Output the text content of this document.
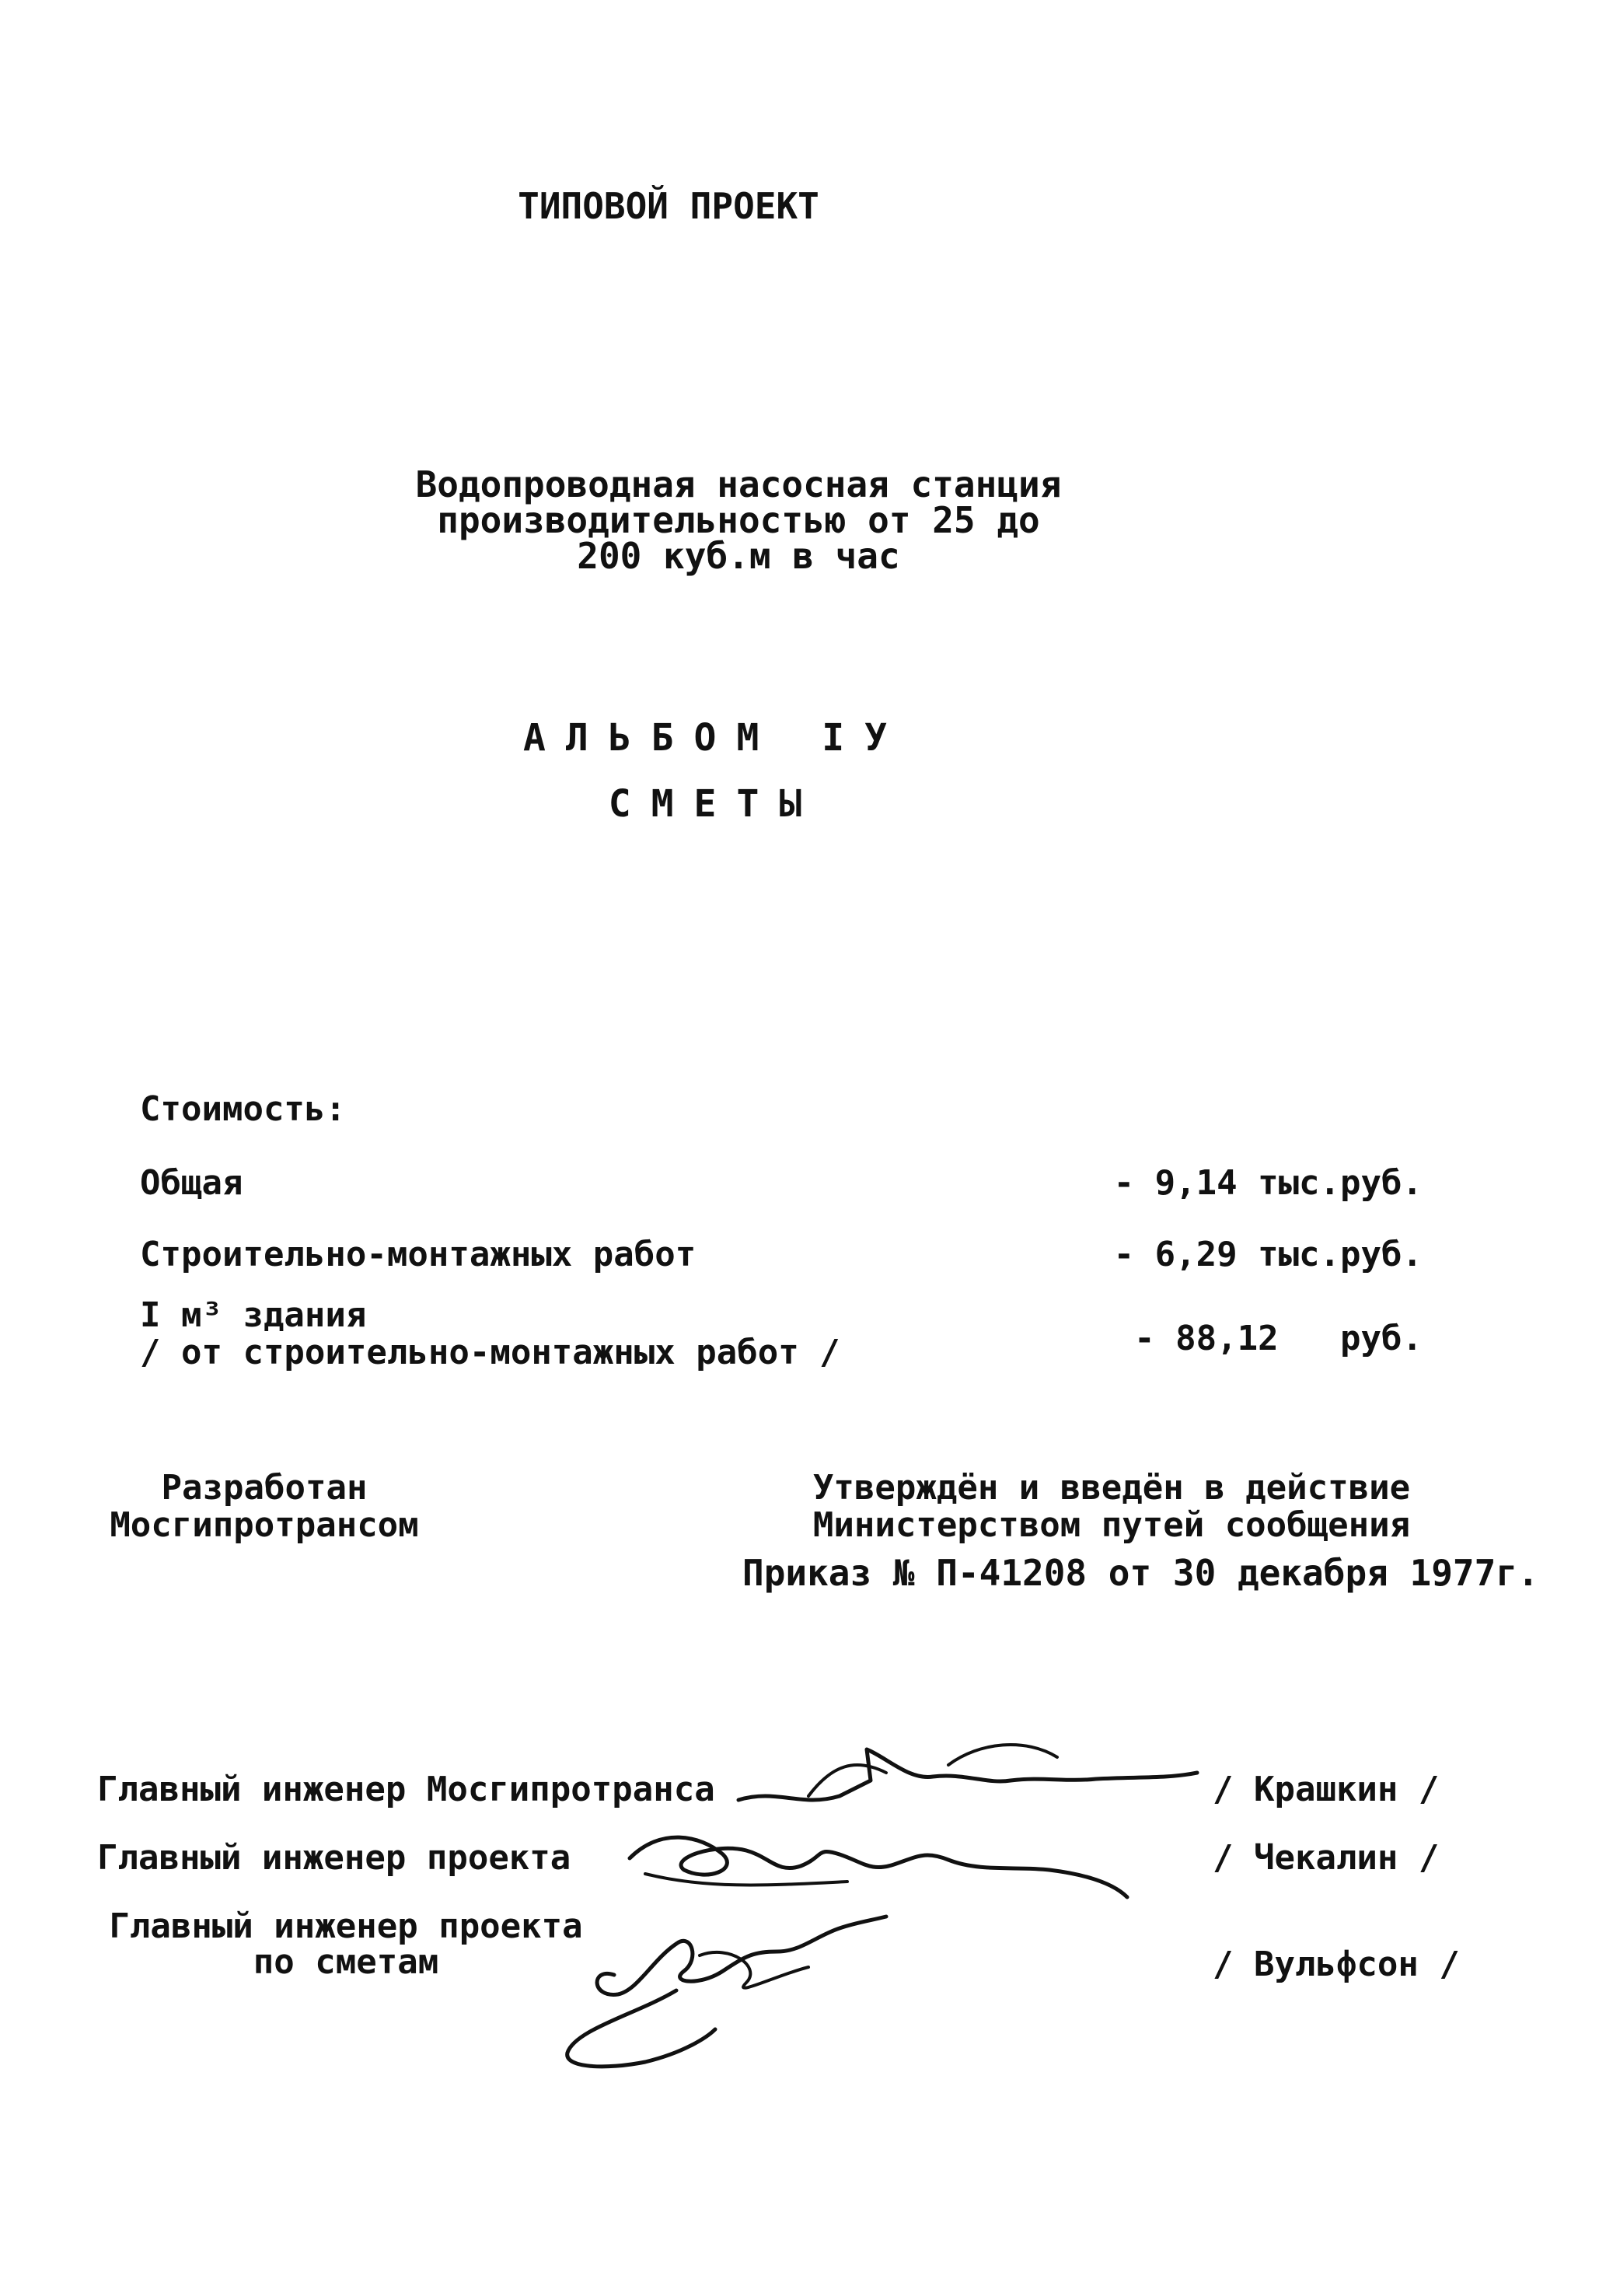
ТИПОВОЙ ПРОЕКТ
Водопроводная насосная станция
производительностью от 25 до
200 куб.м в час
АЛЬБОМ IУ
СМЕТЫ
Стоимость:
Общая	- 9,14 тыс.руб.
Строительно-монтажных работ	- 6,29 тыс.руб.
I м³ здания
/ от строительно-монтажных работ /	- 88,12   руб.
Разработан
Мосгипротрансом
Утверждён и введён в действие
Министерством путей сообщения
Приказ № П-41208 от 30 декабря 1977г.
Главный инженер Мосгипротранса	/ Крашкин /
Главный инженер проекта	/ Чекалин /
Главный инженер проекта
по сметам	/ Вульфсон /
